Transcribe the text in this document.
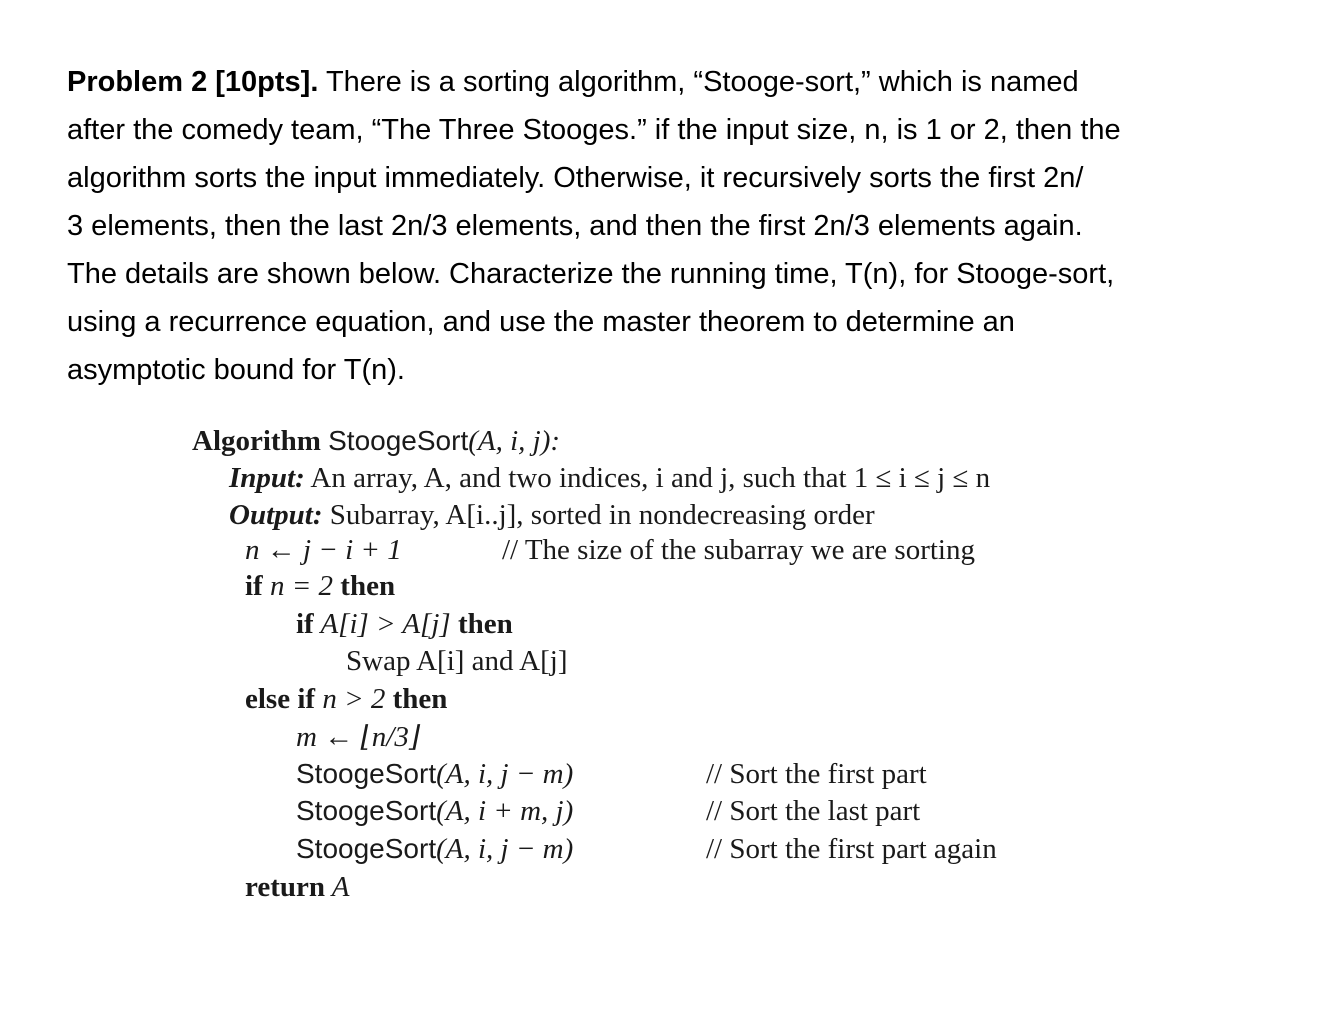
Problem 2 [10pts]. There is a sorting algorithm, “Stooge-sort,” which is named
after the comedy team, “The Three Stooges.” if the input size, n, is 1 or 2, then the
algorithm sorts the input immediately. Otherwise, it recursively sorts the first 2n/
3 elements, then the last 2n/3 elements, and then the first 2n/3 elements again.
The details are shown below. Characterize the running time, T(n), for Stooge-sort,
using a recurrence equation, and use the master theorem to determine an
asymptotic bound for T(n).
Algorithm StoogeSort(A, i, j):
Input: An array, A, and two indices, i and j, such that 1 ≤ i ≤ j ≤ n
Output: Subarray, A[i..j], sorted in nondecreasing order
n ← j − i + 1	// The size of the subarray we are sorting
if n = 2 then
if A[i] > A[j] then
Swap A[i] and A[j]
else if n > 2 then
m ← ⌊n/3⌋
StoogeSort(A, i, j − m)	// Sort the first part
StoogeSort(A, i + m, j)	// Sort the last part
StoogeSort(A, i, j − m)	// Sort the first part again
return A
